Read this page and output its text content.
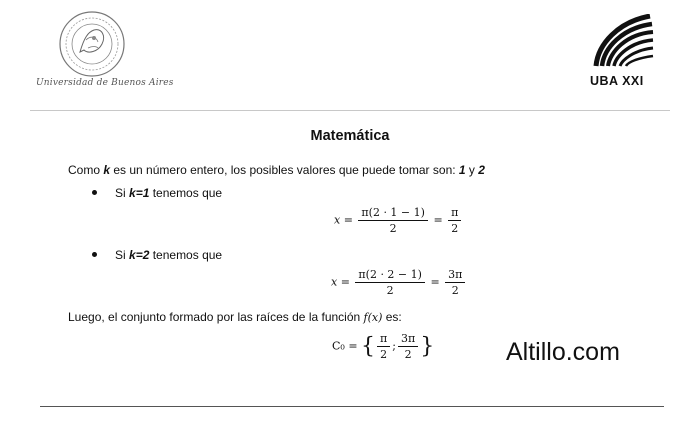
Universidad de Buenos Aires	UBA XXI
Matemática
Como k es un número entero, los posibles valores que puede tomar son: 1 y 2
Si k=1 tenemos que
$x = \frac{\pi(2 \cdot 1 - 1)}{2} = \frac{\pi}{2}$
Si k=2 tenemos que
$x = \frac{\pi(2 \cdot 2 - 1)}{2} = \frac{3\pi}{2}$
Luego, el conjunto formado por las raíces de la función f(x) es:
C₀ = { $\frac{\pi}{2}$ ; $\frac{3\pi}{2}$ }	Altillo.com
